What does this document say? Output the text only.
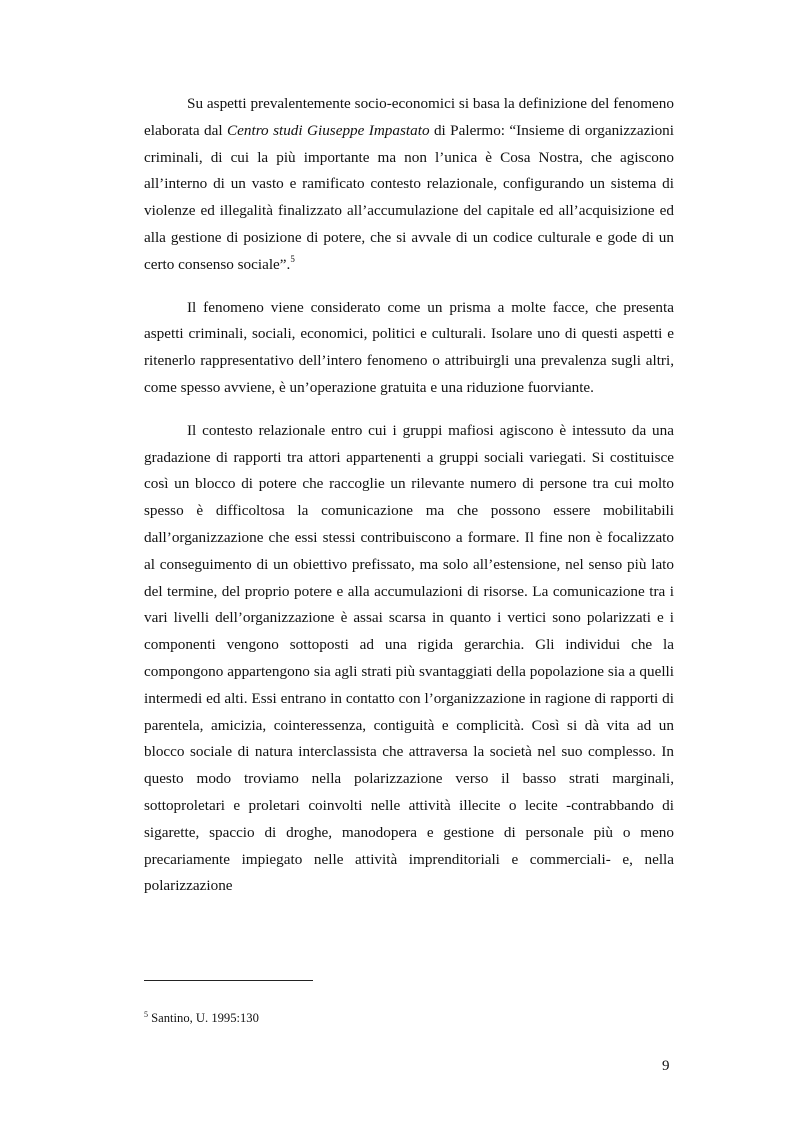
Su aspetti prevalentemente socio-economici si basa la definizione del fenomeno elaborata dal Centro studi Giuseppe Impastato di Palermo: “Insieme di organizzazioni criminali, di cui la più importante ma non l’unica è Cosa Nostra, che agiscono all’interno di un vasto e ramificato contesto relazionale, configurando un sistema di violenze ed illegalità finalizzato all’accumulazione del capitale ed all’acquisizione ed alla gestione di posizione di potere, che si avvale di un codice culturale e gode di un certo consenso sociale”.$^5$

Il fenomeno viene considerato come un prisma a molte facce, che presenta aspetti criminali, sociali, economici, politici e culturali. Isolare uno di questi aspetti e ritenerlo rappresentativo dell’intero fenomeno o attribuirgli una prevalenza sugli altri, come spesso avviene, è un’operazione gratuita e una riduzione fuorviante.

Il contesto relazionale entro cui i gruppi mafiosi agiscono è intessuto da una gradazione di rapporti tra attori appartenenti a gruppi sociali variegati. Si costituisce così un blocco di potere che raccoglie un rilevante numero di persone tra cui molto spesso è difficoltosa la comunicazione ma che possono essere mobilitabili dall’organizzazione che essi stessi contribuiscono a formare. Il fine non è focalizzato al conseguimento di un obiettivo prefissato, ma solo all’estensione, nel senso più lato del termine, del proprio potere e alla accumulazioni di risorse. La comunicazione tra i vari livelli dell’organizzazione è assai scarsa in quanto i vertici sono polarizzati e i componenti vengono sottoposti ad una rigida gerarchia. Gli individui che la compongono appartengono sia agli strati più svantaggiati della popolazione sia a quelli intermedi ed alti. Essi entrano in contatto con l’organizzazione in ragione di rapporti di parentela, amicizia, cointeressenza, contiguità e complicità. Così si dà vita ad un blocco sociale di natura interclassista che attraversa la società nel suo complesso. In questo modo troviamo nella polarizzazione verso il basso strati marginali, sottoproletari e proletari coinvolti nelle attività illecite o lecite -contrabbando di sigarette, spaccio di droghe, manodopera e gestione di personale più o meno precariamente impiegato nelle attività imprenditoriali e commerciali- e, nella polarizzazione

$^5$ Santino, U. 1995:130

9
